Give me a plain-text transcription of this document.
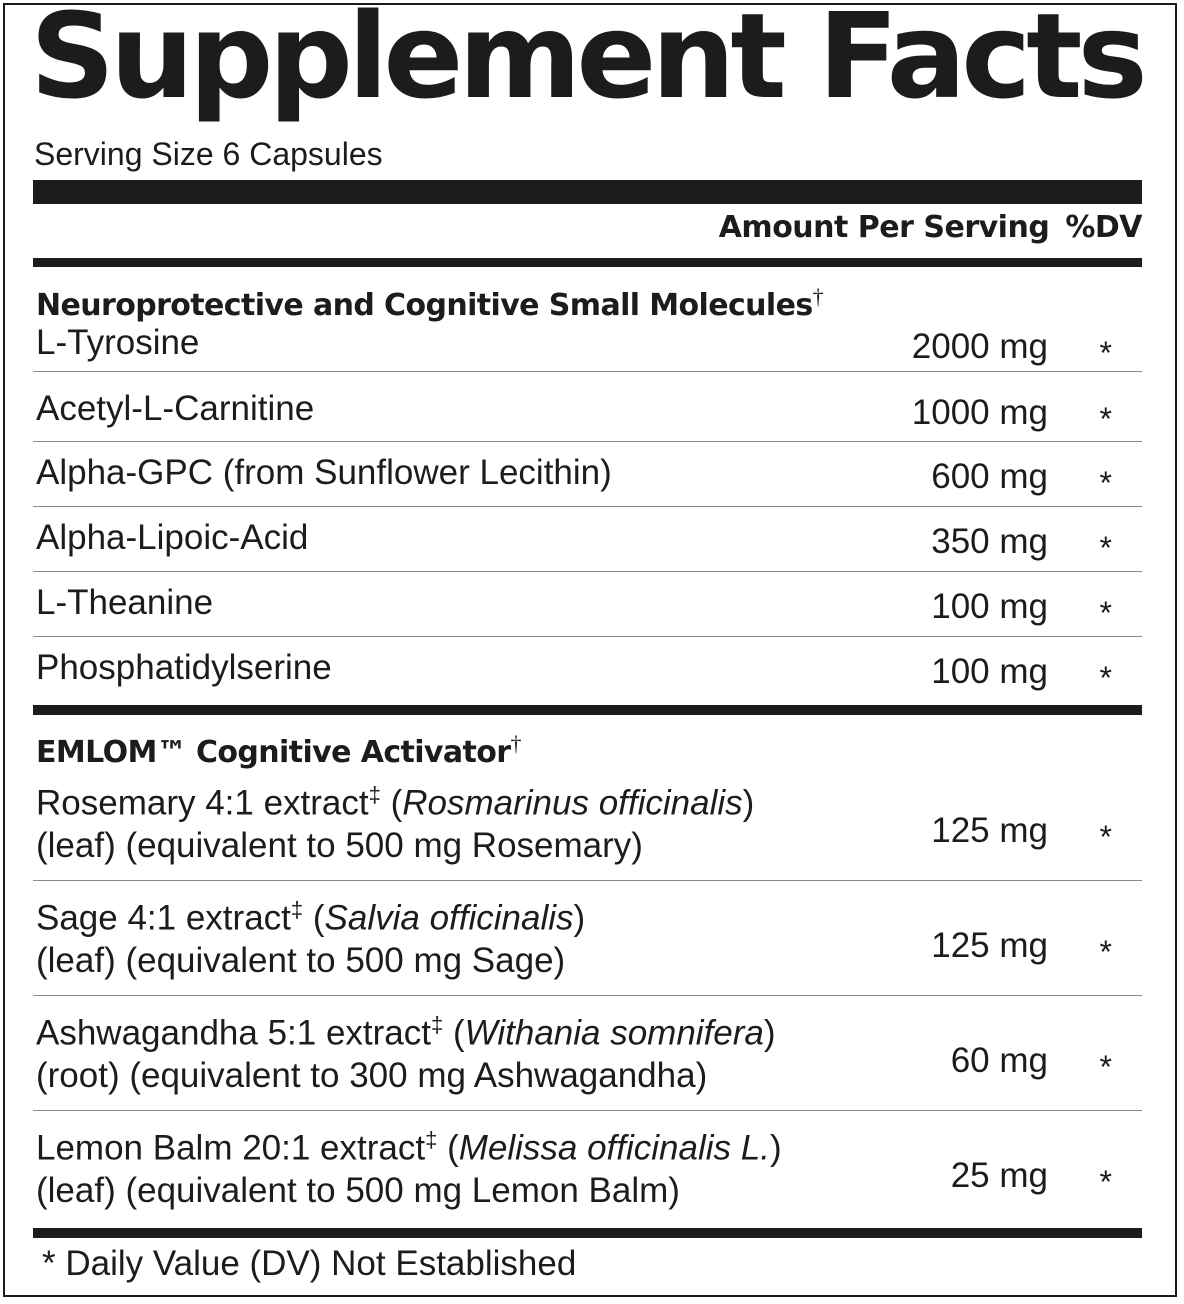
Supplement Facts
Serving Size 6 Capsules
Amount Per Serving %DV
Neuroprotective and Cognitive Small Molecules†
L-Tyrosine	2000 mg *
Acetyl-L-Carnitine	1000 mg *
Alpha-GPC (from Sunflower Lecithin)	600 mg *
Alpha-Lipoic-Acid	350 mg *
L-Theanine	100 mg *
Phosphatidylserine	100 mg *
EMLOM™ Cognitive Activator†
Rosemary 4:1 extract‡ (Rosmarinus officinalis)
(leaf) (equivalent to 500 mg Rosemary)	125 mg *
Sage 4:1 extract‡ (Salvia officinalis)
(leaf) (equivalent to 500 mg Sage)	125 mg *
Ashwagandha 5:1 extract‡ (Withania somnifera)
(root) (equivalent to 300 mg Ashwagandha)	60 mg *
Lemon Balm 20:1 extract‡ (Melissa officinalis L.)
(leaf) (equivalent to 500 mg Lemon Balm)	25 mg *
* Daily Value (DV) Not Established
